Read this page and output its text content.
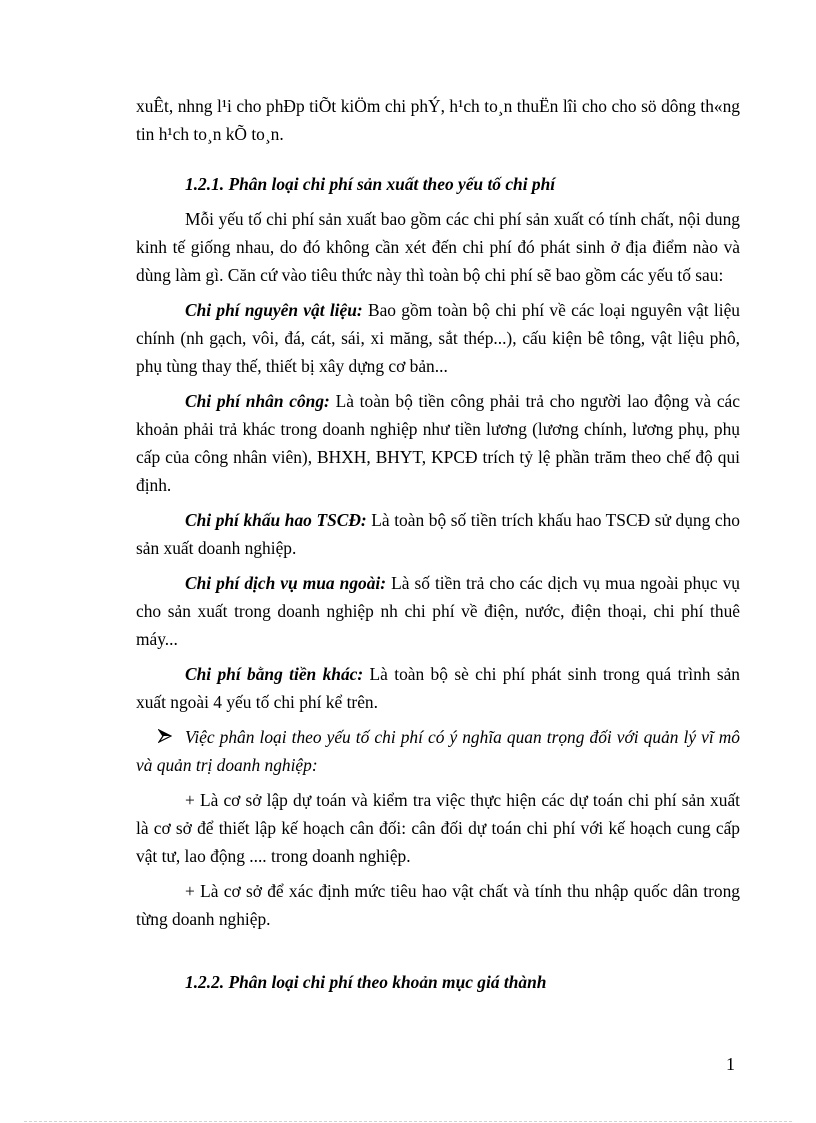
xuÊt, nhng l¹i cho phÐp tiÕt kiÖm chi phÝ, h¹ch to¸n thuËn lîi cho cho sö dông th«ng tin h¹ch to¸n kÕ to¸n.

1.2.1. Phân loại chi phí sản xuất theo yếu tố chi phí

Mỗi yếu tố chi phí sản xuất bao gồm các chi phí sản xuất có tính chất, nội dung kinh tế giống nhau, do đó không cần xét đến chi phí đó phát sinh ở địa điểm nào và dùng làm gì. Căn cứ vào tiêu thức này thì toàn bộ chi phí sẽ bao gồm các yếu tố sau:

Chi phí nguyên vật liệu: Bao gồm toàn bộ chi phí về các loại nguyên vật liệu chính (nh gạch, vôi, đá, cát, sái, xi măng, sắt thép...), cấu kiện bê tông, vật liệu phô, phụ tùng thay thế, thiết bị xây dựng cơ bản...

Chi phí nhân công: Là toàn bộ tiền công phải trả cho người lao động và các khoản phải trả khác trong doanh nghiệp như tiền lương (lương chính, lương phụ, phụ cấp của công nhân viên), BHXH, BHYT, KPCĐ trích tỷ lệ phần trăm theo chế độ qui định.

Chi phí khấu hao TSCĐ: Là toàn bộ số tiền trích khấu hao TSCĐ sử dụng cho sản xuất doanh nghiệp.

Chi phí dịch vụ mua ngoài: Là số tiền trả cho các dịch vụ mua ngoài phục vụ cho sản xuất trong doanh nghiệp nh chi phí về điện, nước, điện thoại, chi phí thuê máy...

Chi phí bằng tiền khác: Là toàn bộ sè chi phí phát sinh trong quá trình sản xuất ngoài 4 yếu tố chi phí kể trên.

Việc phân loại theo yếu tố chi phí có ý nghĩa quan trọng đối với quản lý vĩ mô và quản trị doanh nghiệp:

+ Là cơ sở lập dự toán và kiểm tra việc thực hiện các dự toán chi phí sản xuất là cơ sở để thiết lập kế hoạch cân đối: cân đối dự toán chi phí với kế hoạch cung cấp vật tư, lao động .... trong doanh nghiệp.

+ Là cơ sở để xác định mức tiêu hao vật chất và tính thu nhập quốc dân trong từng doanh nghiệp.

1.2.2. Phân loại chi phí theo khoản mục giá thành

1
